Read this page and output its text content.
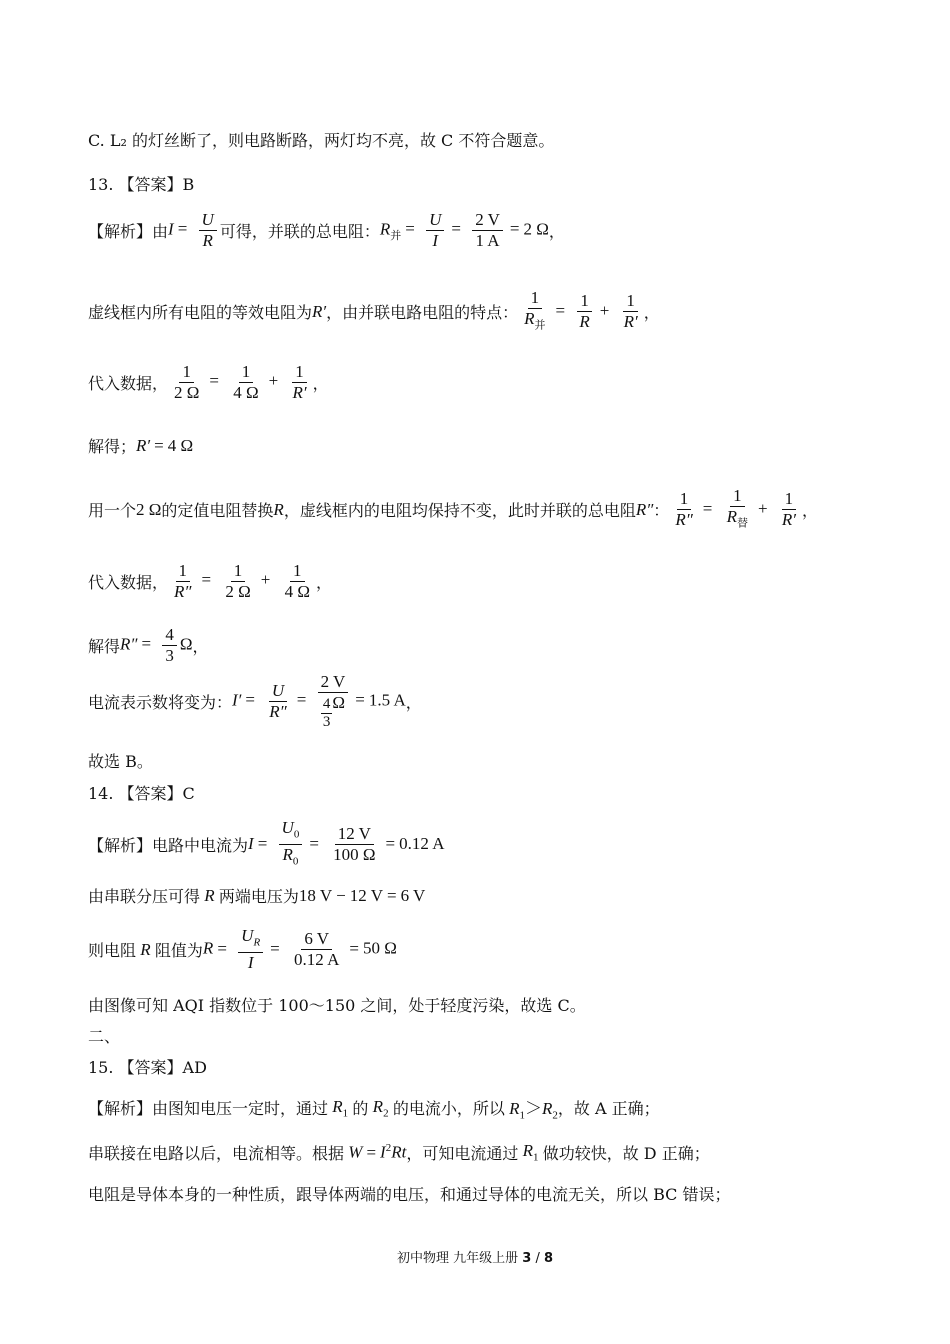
C. L₂ 的灯丝断了，则电路断路，两灯均不亮，故 C 不符合题意。
13. 【答案】B
【解析】由 $I = \frac{U}{R}$ 可得，并联的总电阻： $R_并 = \frac{U}{I} = \frac{2 V}{1 A} = 2$ Ω ，
虚线框内所有电阻的等效电阻为 R′ ，由并联电路电阻的特点： $\frac{1}{R_并} = \frac{1}{R} + \frac{1}{R'}$ ，
代入数据， $\frac{1}{2 \Omega} = \frac{1}{4 \Omega} + \frac{1}{R'}$ ，
解得； R′ = 4 Ω
用一个 2 Ω 的定值电阻替换 R ，虚线框内的电阻均保持不变，此时并联的总电阻 R″ ： $\frac{1}{R''} = \frac{1}{R_替} + \frac{1}{R'}$ ，
代入数据， $\frac{1}{R''} = \frac{1}{2 \Omega} + \frac{1}{4 \Omega}$ ，
解得 $R'' = \frac{4}{3}$ Ω ，
电流表示数将变为： $I' = \frac{U}{R''} = \frac{2 V}{\frac{4}{3} \Omega} = 1.5$ A ，
故选 B。
14. 【答案】C
【解析】电路中电流为 $I = \frac{U_0}{R_0} = \frac{12 V}{100 \Omega} = 0.12$ A
由串联分压可得 R 两端电压为 18 V − 12 V = 6 V
则电阻 R 阻值为 $R = \frac{U_R}{I} = \frac{6 V}{0.12 A} = 50$ Ω
由图像可知 AQI 指数位于 100～150 之间，处于轻度污染，故选 C。
二、
15. 【答案】AD
【解析】由图知电压一定时，通过 $R_1$ 的 $R_2$ 的电流小，所以 $R_1>R_2$ ，故 A 正确；
串联接在电路以后，电流相等。根据 $W = I^2Rt$ ，可知电流通过 $R_1$ 做功较快，故 D 正确；
电阻是导体本身的一种性质，跟导体两端的电压，和通过导体的电流无关，所以 BC 错误；
初中物理 九年级上册 3 / 8
